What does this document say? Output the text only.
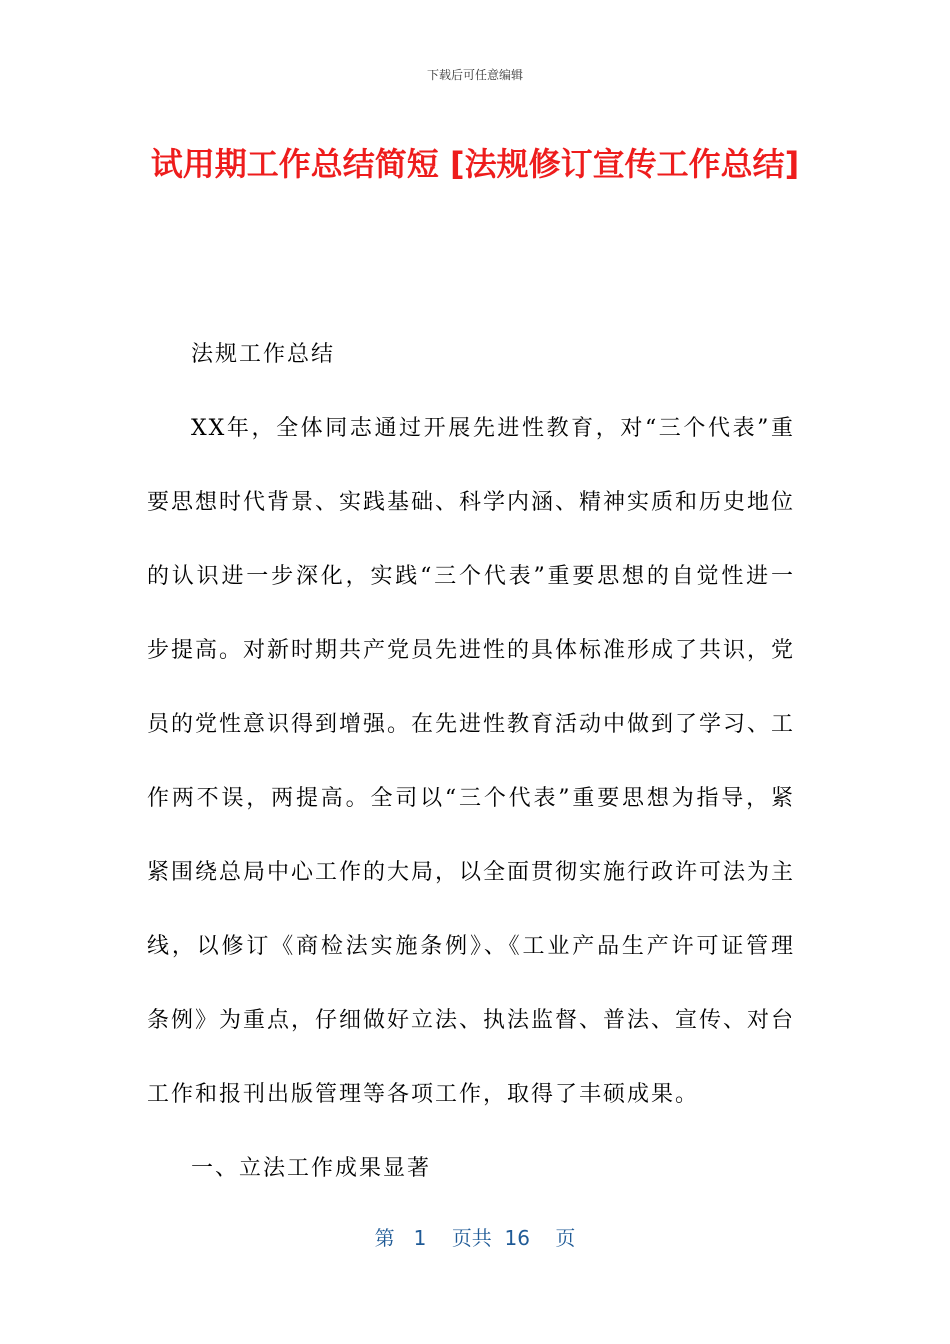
下载后可任意编辑
试用期工作总结简短 [法规修订宣传工作总结]

法规工作总结

XX年，全体同志通过开展先进性教育，对“三个代表”重要思想时代背景、实践基础、科学内涵、精神实质和历史地位的认识进一步深化，实践“三个代表”重要思想的自觉性进一步提高。对新时期共产党员先进性的具体标准形成了共识，党员的党性意识得到增强。在先进性教育活动中做到了学习、工作两不误，两提高。全司以“三个代表”重要思想为指导，紧紧围绕总局中心工作的大局，以全面贯彻实施行政许可法为主线，以修订《商检法实施条例》、《工业产品生产许可证管理条例》为重点，仔细做好立法、执法监督、普法、宣传、对台工作和报刊出版管理等各项工作，取得了丰硕成果。

一、立法工作成果显著

第 1 页共 16 页
